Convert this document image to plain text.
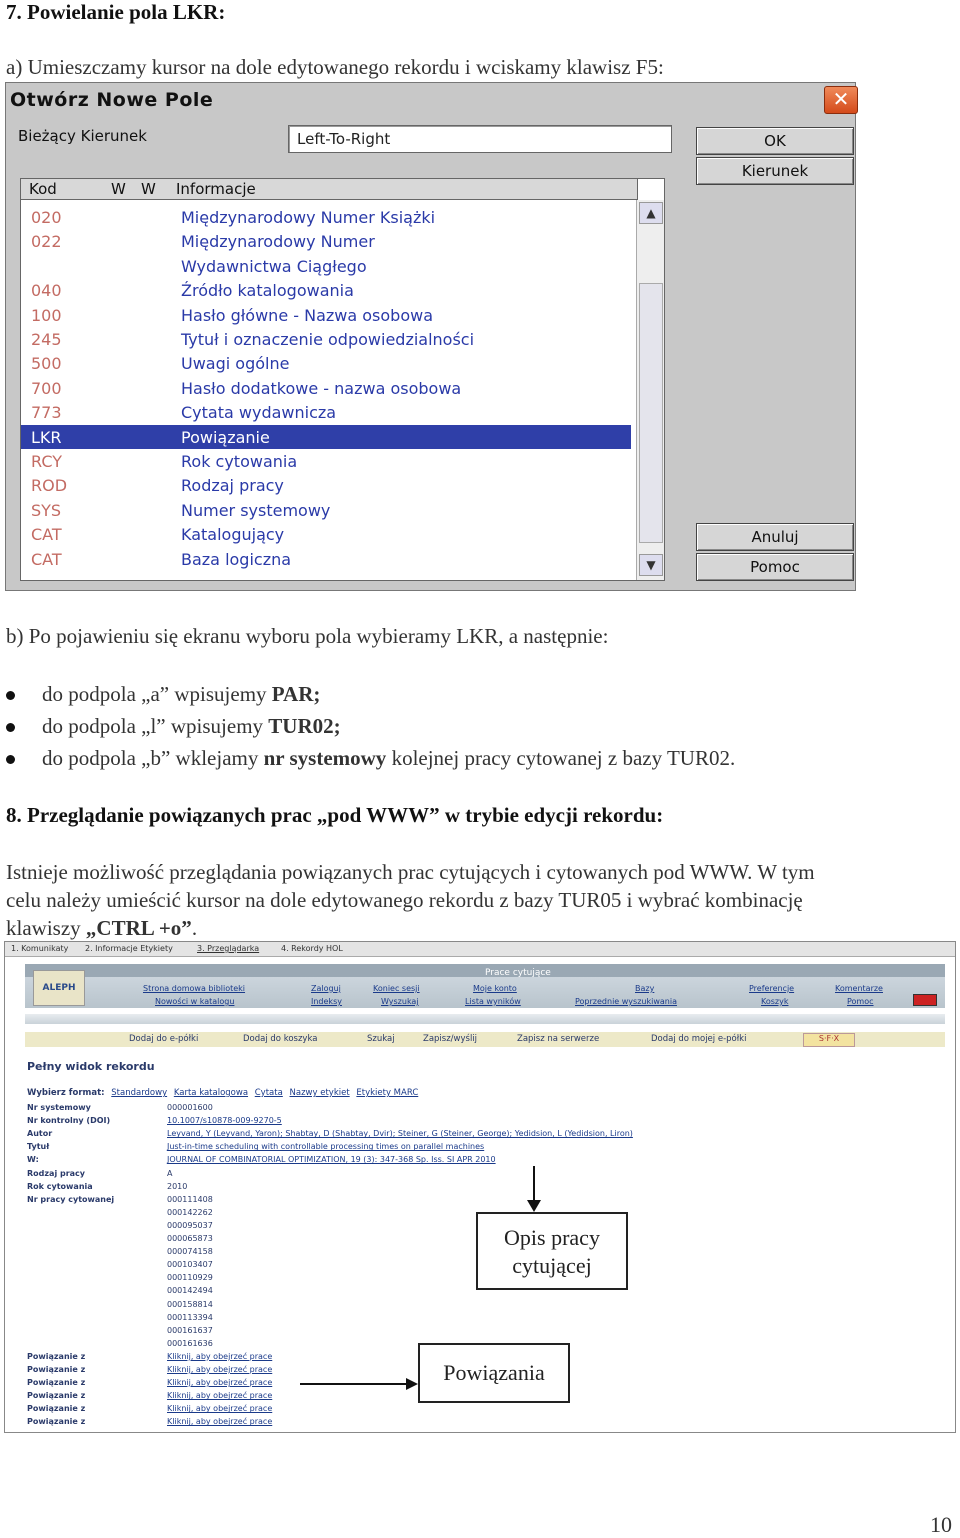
7. Powielanie pola LKR:
a) Umieszczamy kursor na dole edytowanego rekordu i wciskamy klawisz F5:
Otwórz Nowe Pole	✕
Bieżący Kierunek	Left-To-Right	OK
Kierunek
020	Międzynarodowy Numer Książki
022	Międzynarodowy Numer
Wydawnictwa Ciągłego
040	Źródło katalogowania
100	Hasło główne - Nazwa osobowa
245	Tytuł i oznaczenie odpowiedzialności
500	Uwagi ogólne
700	Hasło dodatkowe - nazwa osobowa
773	Cytata wydawnicza
LKR	Powiązanie
RCY	Rok cytowania
ROD	Rodzaj pracy
SYS	Numer systemowy
CAT	Katalogujący
CAT	Baza logiczna
Kod	W W Informacje
▲
▼
Anuluj
Pomoc
b) Po pojawieniu się ekranu wyboru pola wybieramy LKR, a następnie:
do podpola „a” wpisujemy PAR;
do podpola „l” wpisujemy TUR02;
do podpola „b” wklejamy nr systemowy kolejnej pracy cytowanej z bazy TUR02.
8. Przeglądanie powiązanych prac „pod WWW” w trybie edycji rekordu:
Istnieje możliwość przeglądania powiązanych prac cytujących i cytowanych pod WWW. W tym
celu należy umieścić kursor na dole edytowanego rekordu z bazy TUR05 i wybrać kombinację
klawiszy „CTRL +o”.
1. Komunikaty 2. Informacje Etykiety	3. Przeglądarka	4. Rekordy HOL
Prace cytujące
ALEPH
S·F·X
Pełny widok rekordu
Wybierz format: Standardowy Karta katalogowa Cytata Nazwy etykiet Etykiety MARC
Strona domowa biblioteki	Zaloguj	Koniec sesji	Moje konto	Bazy	Preferencje	Komentarze
Nowości w katalogu	Indeksy	Wyszukaj	Lista wyników	Poprzednie wyszukiwania	Koszyk	Pomoc
Dodaj do e-półki	Dodaj do koszyka	Szukaj	Zapisz/wyślij	Zapisz na serwerze	Dodaj do mojej e-półki
Nr systemowy	000001600
Nr kontrolny (DOI)	10.1007/s10878-009-9270-5
Autor	Leyvand, Y (Leyvand, Yaron); Shabtay, D (Shabtay, Dvir); Steiner, G (Steiner, George); Yedidsion, L (Yedidsion, Liron)
Tytuł	Just-in-time scheduling with controllable processing times on parallel machines
W:	JOURNAL OF COMBINATORIAL OPTIMIZATION, 19 (3): 347-368 Sp. Iss. SI APR 2010
Rodzaj pracy	A
Rok cytowania	2010
Nr pracy cytowanej	000111408
000142262
000095037
000065873
000074158
000103407
000110929
000142494
000158814
000113394
000161637
000161636
Powiązanie z	Kliknij, aby obejrzeć prace
Powiązanie z	Kliknij, aby obejrzeć prace
Powiązanie z	Kliknij, aby obejrzeć prace
Powiązanie z	Kliknij, aby obejrzeć prace
Powiązanie z	Kliknij, aby obejrzeć prace
Powiązanie z	Kliknij, aby obejrzeć prace
Opis pracy
cytującej
Powiązania
10
